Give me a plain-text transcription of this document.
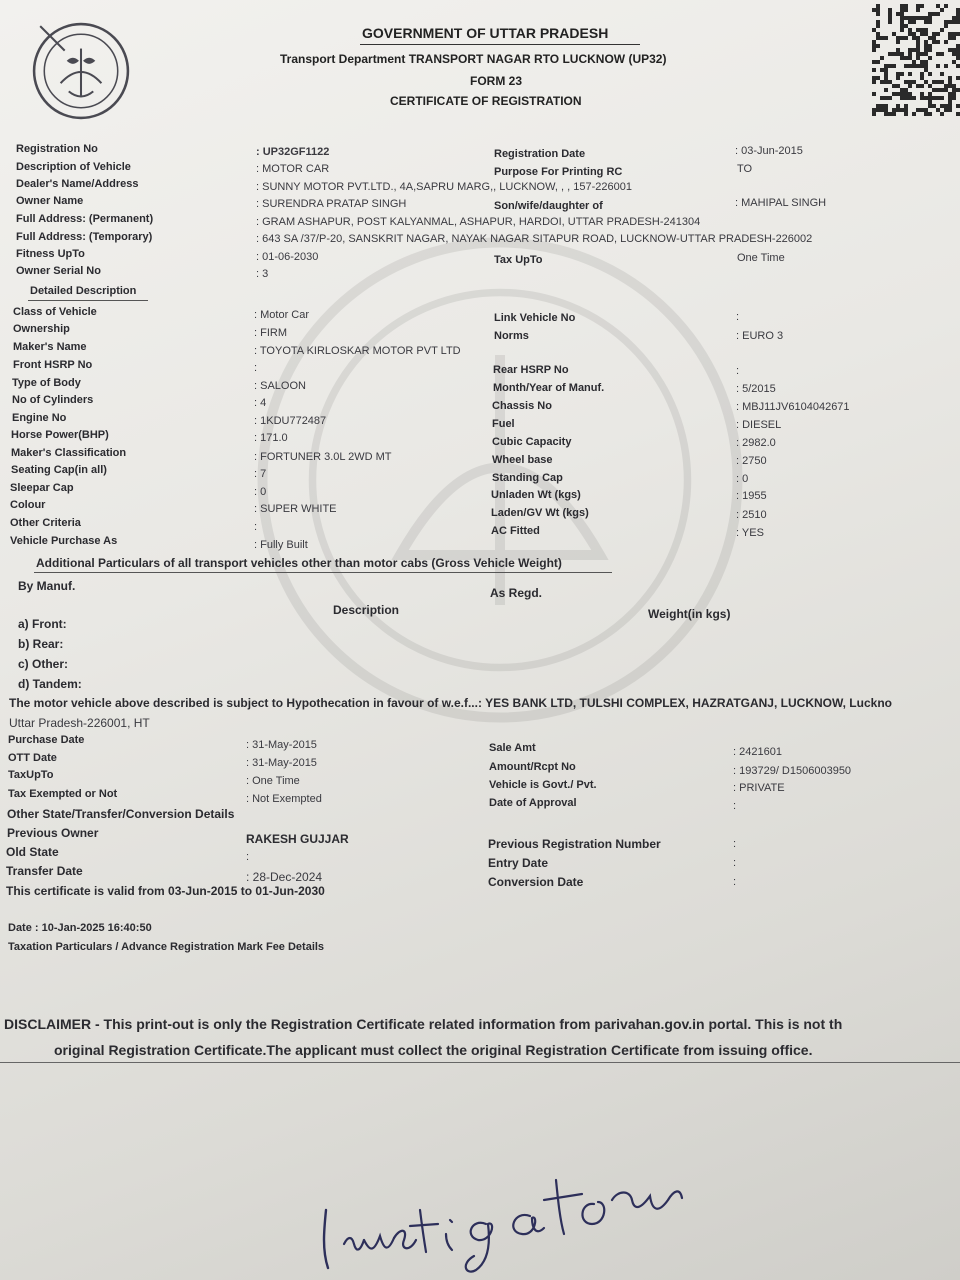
GOVERNMENT OF UTTAR PRADESH
Transport Department TRANSPORT NAGAR RTO LUCKNOW (UP32)
FORM 23
CERTIFICATE OF REGISTRATION
Registration No	: UP32GF1122	Registration Date	: 03-Jun-2015
Description of Vehicle	: MOTOR CAR	Purpose For Printing RC	TO
Dealer's Name/Address	: SUNNY MOTOR PVT.LTD., 4A,SAPRU MARG,, LUCKNOW, , , 157-226001
Owner Name	: SURENDRA PRATAP SINGH	Son/wife/daughter of	: MAHIPAL SINGH
Full Address: (Permanent)	: GRAM ASHAPUR, POST KALYANMAL, ASHAPUR, HARDOI, UTTAR PRADESH-241304
Full Address: (Temporary)	: 643 SA /37/P-20, SANSKRIT NAGAR, NAYAK NAGAR SITAPUR ROAD, LUCKNOW-UTTAR PRADESH-226002
Fitness UpTo	: 01-06-2030	Tax UpTo	One Time
Owner Serial No	: 3
Detailed Description
Class of Vehicle	: Motor Car	Link Vehicle No	:
Ownership	: FIRM	Norms	: EURO 3
Maker's Name	: TOYOTA KIRLOSKAR MOTOR PVT LTD
Front HSRP No	:	Rear HSRP No	:
Type of Body	: SALOON	Month/Year of Manuf.	: 5/2015
No of Cylinders	: 4	Chassis No	: MBJ11JV6104042671
Engine No	: 1KDU772487	Fuel	: DIESEL
Horse Power(BHP)	: 171.0	Cubic Capacity	: 2982.0
Maker's Classification	: FORTUNER 3.0L 2WD MT	Wheel base	: 2750
Seating Cap(in all)	: 7	Standing Cap	: 0
Sleepar Cap	: 0	Unladen Wt (kgs)	: 1955
Colour	: SUPER WHITE	Laden/GV Wt (kgs)	: 2510
Other Criteria	:	AC Fitted	: YES
Vehicle Purchase As	: Fully Built
Additional Particulars of all transport vehicles other than motor cabs (Gross Vehicle Weight)
By Manuf.	As Regd.
Description	Weight(in kgs)
a) Front:
b) Rear:
c) Other:
d) Tandem:
The motor vehicle above described is subject to Hypothecation in favour of w.e.f...: YES BANK LTD, TULSHI COMPLEX, HAZRATGANJ, LUCKNOW, Luckno
Uttar Pradesh-226001, HT
Purchase Date	: 31-May-2015	Sale Amt	: 2421601
OTT Date	: 31-May-2015	Amount/Rcpt No	: 193729/ D1506003950
TaxUpTo	: One Time	Vehicle is Govt./ Pvt.	: PRIVATE
Tax Exempted or Not	: Not Exempted	Date of Approval	:
Other State/Transfer/Conversion Details
Previous Owner	RAKESH GUJJAR	Previous Registration Number	:
Old State	:	Entry Date	:
Transfer Date	: 28-Dec-2024	Conversion Date	:
This certificate is valid from 03-Jun-2015 to 01-Jun-2030
Date : 10-Jan-2025 16:40:50
Taxation Particulars / Advance Registration Mark Fee Details
DISCLAIMER - This print-out is only the Registration Certificate related information from parivahan.gov.in portal. This is not th
original Registration Certificate.The applicant must collect the original Registration Certificate from issuing office.
